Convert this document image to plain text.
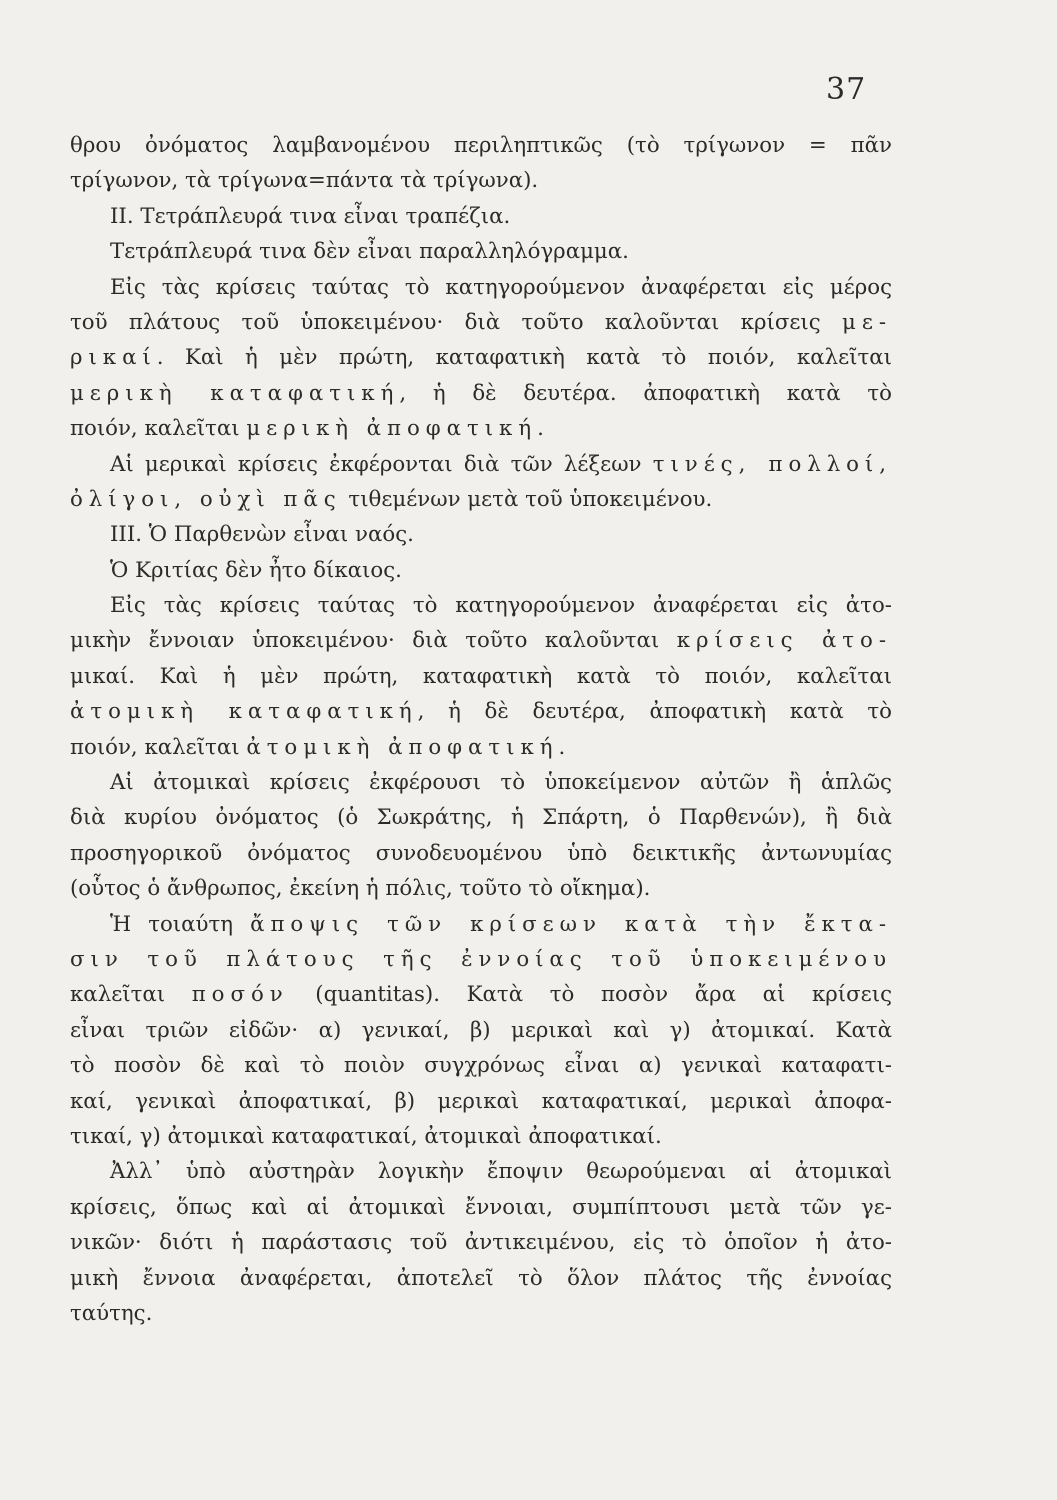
37
θρου ὀνόματος λαμβανομένου περιληπτικῶς (τὸ τρίγωνον = πᾶν
τρίγωνον, τὰ τρίγωνα=πάντα τὰ τρίγωνα).
ΙΙ. Τετράπλευρά τινα εἶναι τραπέζια.
Τετράπλευρά τινα δὲν εἶναι παραλληλόγραμμα.
Εἰς τὰς κρίσεις ταύτας τὸ κατηγορούμενον ἀναφέρεται εἰς μέρος
τοῦ πλάτους τοῦ ὑποκειμένου· διὰ τοῦτο καλοῦνται κρίσεις με-
ρικαί. Καὶ ἡ μὲν πρώτη, καταφατικὴ κατὰ τὸ ποιόν, καλεῖται
μερικὴ καταφατική, ἡ δὲ δευτέρα. ἀποφατικὴ κατὰ τὸ
ποιόν, καλεῖται μερικὴ ἀποφατική.
Αἱ μερικαὶ κρίσεις ἐκφέρονται διὰ τῶν λέξεων τινές, πολλοί,
ὀλίγοι, οὐχὶ πᾶς τιθεμένων μετὰ τοῦ ὑποκειμένου.
ΙΙΙ. Ὁ Παρθενὼν εἶναι ναός.
Ὁ Κριτίας δὲν ἦτο δίκαιος.
Εἰς τὰς κρίσεις ταύτας τὸ κατηγορούμενον ἀναφέρεται εἰς ἀτο-
μικὴν ἔννοιαν ὑποκειμένου· διὰ τοῦτο καλοῦνται κρίσεις ἀτο-
μικαί. Καὶ ἡ μὲν πρώτη, καταφατικὴ κατὰ τὸ ποιόν, καλεῖται
ἀτομικὴ καταφατική, ἡ δὲ δευτέρα, ἀποφατικὴ κατὰ τὸ
ποιόν, καλεῖται ἀτομικὴ ἀποφατική.
Αἱ ἀτομικαὶ κρίσεις ἐκφέρουσι τὸ ὑποκείμενον αὐτῶν ἢ ἁπλῶς
διὰ κυρίου ὀνόματος (ὁ Σωκράτης, ἡ Σπάρτη, ὁ Παρθενών), ἢ διὰ
προσηγορικοῦ ὀνόματος συνοδευομένου ὑπὸ δεικτικῆς ἀντωνυμίας
(οὗτος ὁ ἄνθρωπος, ἐκείνη ἡ πόλις, τοῦτο τὸ οἴκημα).
Ἡ τοιαύτη ἄποψις τῶν κρίσεων κατὰ τὴν ἔκτα-
σιν τοῦ πλάτους τῆς ἐννοίας τοῦ ὑποκειμένου
καλεῖται ποσόν (quantitas). Κατὰ τὸ ποσὸν ἄρα αἱ κρίσεις
εἶναι τριῶν εἰδῶν· α) γενικαί, β) μερικαὶ καὶ γ) ἀτομικαί. Κατὰ
τὸ ποσὸν δὲ καὶ τὸ ποιὸν συγχρόνως εἶναι α) γενικαὶ καταφατι-
καί, γενικαὶ ἀποφατικαί, β) μερικαὶ καταφατικαί, μερικαὶ ἀποφα-
τικαί, γ) ἀτομικαὶ καταφατικαί, ἀτομικαὶ ἀποφατικαί.
Ἀλλ᾽ ὑπὸ αὐστηρὰν λογικὴν ἔποψιν θεωρούμεναι αἱ ἀτομικαὶ
κρίσεις, ὅπως καὶ αἱ ἀτομικαὶ ἔννοιαι, συμπίπτουσι μετὰ τῶν γε-
νικῶν· διότι ἡ παράστασις τοῦ ἀντικειμένου, εἰς τὸ ὁποῖον ἡ ἀτο-
μικὴ ἔννοια ἀναφέρεται, ἀποτελεῖ τὸ ὅλον πλάτος τῆς ἐννοίας
ταύτης.
